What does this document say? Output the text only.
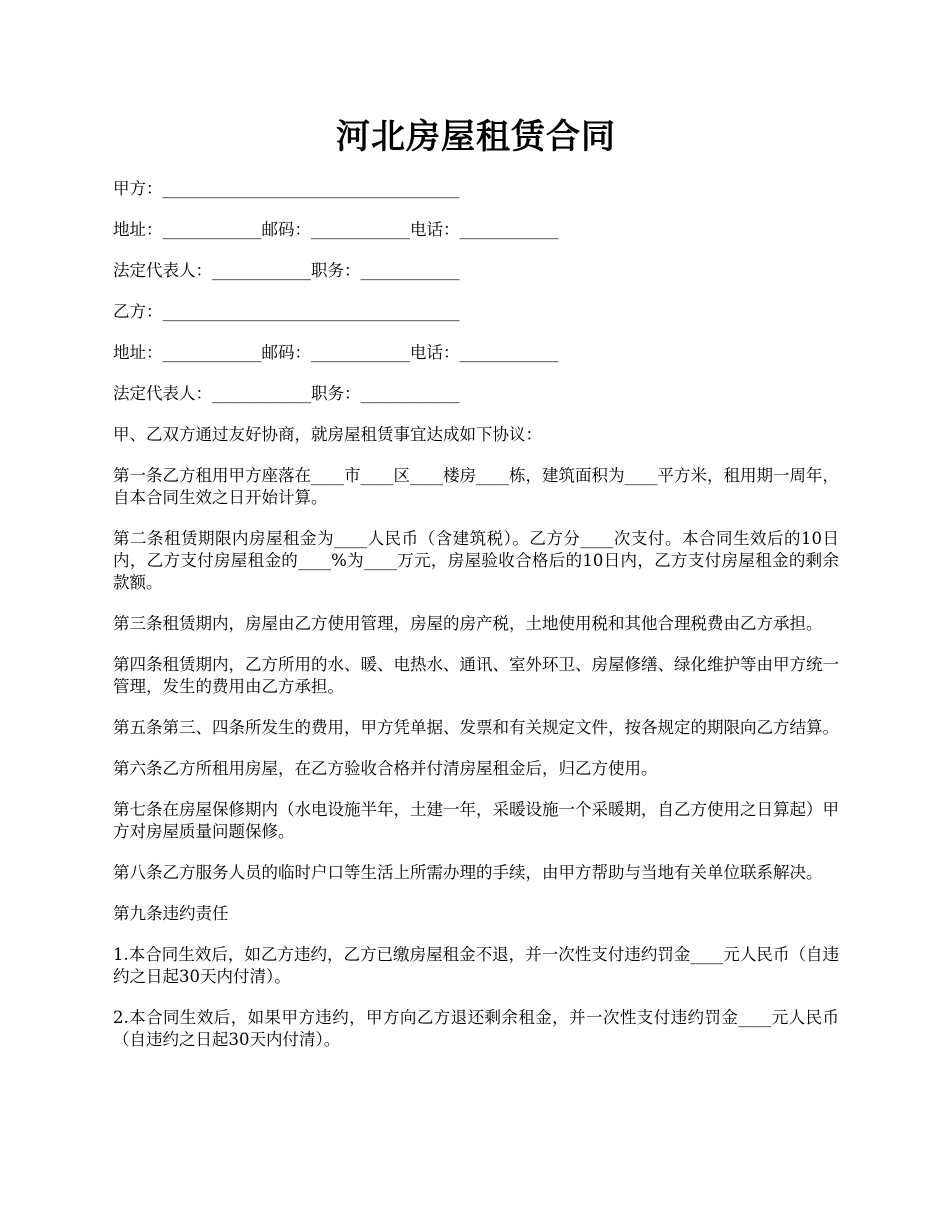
河北房屋租赁合同
甲方：____________________________________
地址：____________邮码：____________电话：____________
法定代表人：____________职务：____________
乙方：____________________________________
地址：____________邮码：____________电话：____________
法定代表人：____________职务：____________

甲、乙双方通过友好协商，就房屋租赁事宜达成如下协议：

第一条乙方租用甲方座落在____市____区____楼房____栋，建筑面积为____平方米，租用期一周年，自本合同生效之日开始计算。

第二条租赁期限内房屋租金为____人民币（含建筑税）。乙方分____次支付。本合同生效后的10日内，乙方支付房屋租金的____%为____万元，房屋验收合格后的10日内，乙方支付房屋租金的剩余款额。

第三条租赁期内，房屋由乙方使用管理，房屋的房产税，土地使用税和其他合理税费由乙方承担。

第四条租赁期内，乙方所用的水、暖、电热水、通讯、室外环卫、房屋修缮、绿化维护等由甲方统一管理，发生的费用由乙方承担。

第五条第三、四条所发生的费用，甲方凭单据、发票和有关规定文件，按各规定的期限向乙方结算。

第六条乙方所租用房屋，在乙方验收合格并付清房屋租金后，归乙方使用。

第七条在房屋保修期内（水电设施半年，土建一年，采暖设施一个采暖期，自乙方使用之日算起）甲方对房屋质量问题保修。

第八条乙方服务人员的临时户口等生活上所需办理的手续，由甲方帮助与当地有关单位联系解决。

第九条违约责任

1.本合同生效后，如乙方违约，乙方已缴房屋租金不退，并一次性支付违约罚金____元人民币（自违约之日起30天内付清）。

2.本合同生效后，如果甲方违约，甲方向乙方退还剩余租金，并一次性支付违约罚金____元人民币（自违约之日起30天内付清）。
